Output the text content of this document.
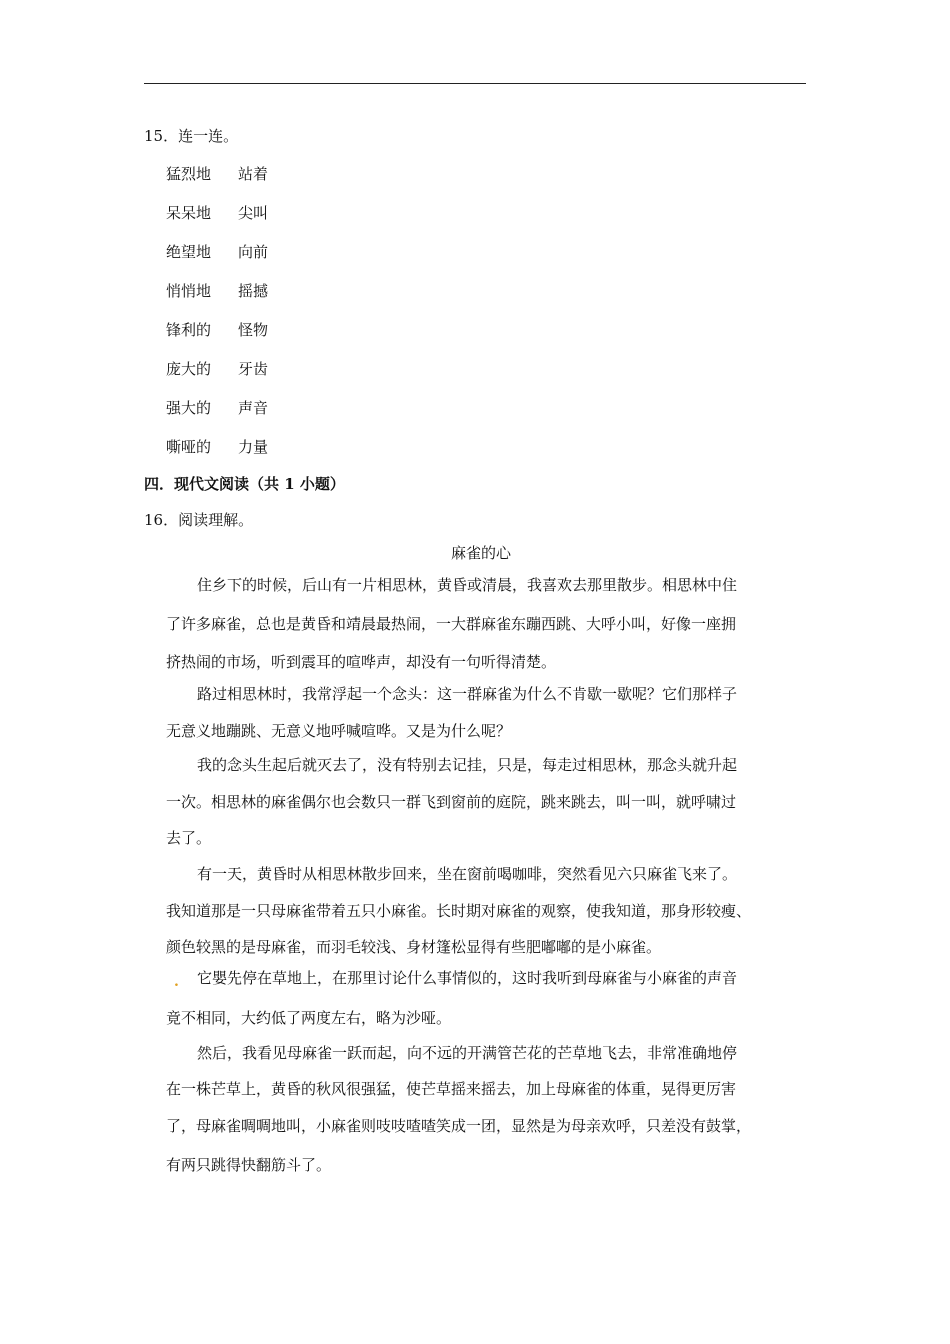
15．连一连。
猛烈地 站着
呆呆地 尖叫
绝望地 向前
悄悄地 摇撼
锋利的 怪物
庞大的 牙齿
强大的 声音
嘶哑的 力量
四．现代文阅读（共 1 小题）
16．阅读理解。
麻雀的心
住乡下的时候，后山有一片相思林，黄昏或清晨，我喜欢去那里散步。相思林中住
了许多麻雀，总也是黄昏和靖晨最热闹，一大群麻雀东蹦西跳、大呼小叫，好像一座拥
挤热闹的市场，听到震耳的喧哗声，却没有一句听得清楚。
路过相思林时，我常浮起一个念头：这一群麻雀为什么不肯歇一歇呢？它们那样子
无意义地蹦跳、无意义地呼喊喧哗。又是为什么呢？
我的念头生起后就灭去了，没有特别去记挂，只是，每走过相思林，那念头就升起
一次。相思林的麻雀偶尔也会数只一群飞到窗前的庭院，跳来跳去，叫一叫，就呼啸过
去了。
有一天，黄昏时从相思林散步回来，坐在窗前喝咖啡，突然看见六只麻雀飞来了。
我知道那是一只母麻雀带着五只小麻雀。长时期对麻雀的观察，使我知道，那身形较瘦、
颜色较黑的是母麻雀，而羽毛较浅、身材篷松显得有些肥嘟嘟的是小麻雀。
. 它嬰先停在草地上，在那里讨论什么事情似的，这时我听到母麻雀与小麻雀的声音
竟不相同，大约低了两度左右，略为沙哑。
然后，我看见母麻雀一跃而起，向不远的开满管芒花的芒草地飞去，非常准确地停
在一株芒草上，黄昏的秋风很强猛，使芒草摇来摇去，加上母麻雀的体重，晃得更厉害
了，母麻雀啁啁地叫，小麻雀则吱吱喳喳笑成一团，显然是为母亲欢呼，只差没有鼓掌，
有两只跳得快翻筋斗了。
